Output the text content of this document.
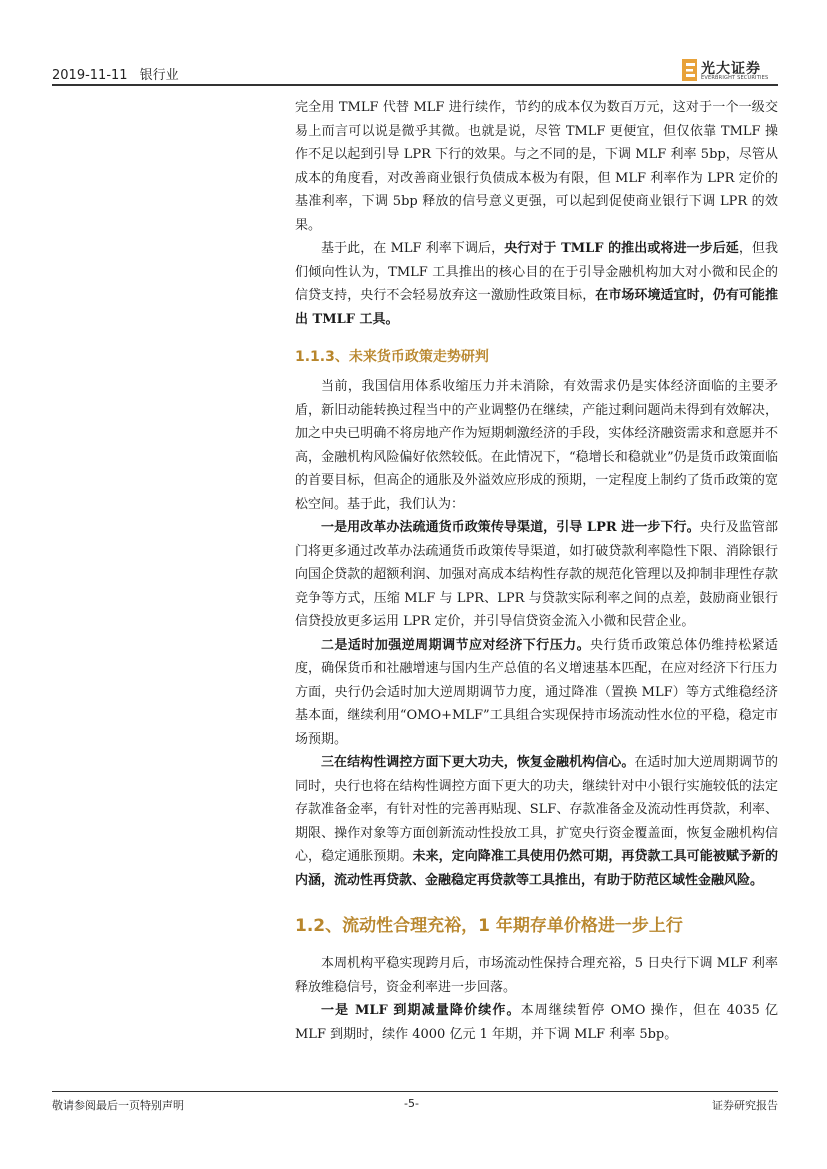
2019-11-11 银行业	光大证券
EVERBRIGHT SECURITIES

完全用 TMLF 代替 MLF 进行续作，节约的成本仅为数百万元，这对于一个一级交易上而言可以说是微乎其微。也就是说，尽管 TMLF 更便宜，但仅依靠 TMLF 操作不足以起到引导 LPR 下行的效果。与之不同的是，下调 MLF 利率 5bp，尽管从成本的角度看，对改善商业银行负债成本极为有限，但 MLF 利率作为 LPR 定价的基准利率，下调 5bp 释放的信号意义更强，可以起到促使商业银行下调 LPR 的效果。

基于此，在 MLF 利率下调后，央行对于 TMLF 的推出或将进一步后延，但我们倾向性认为，TMLF 工具推出的核心目的在于引导金融机构加大对小微和民企的信贷支持，央行不会轻易放弃这一激励性政策目标，在市场环境适宜时，仍有可能推出 TMLF 工具。

1.1.3、未来货币政策走势研判

当前，我国信用体系收缩压力并未消除，有效需求仍是实体经济面临的主要矛盾，新旧动能转换过程当中的产业调整仍在继续，产能过剩问题尚未得到有效解决，加之中央已明确不将房地产作为短期刺激经济的手段，实体经济融资需求和意愿并不高，金融机构风险偏好依然较低。在此情况下，“稳增长和稳就业”仍是货币政策面临的首要目标，但高企的通胀及外溢效应形成的预期，一定程度上制约了货币政策的宽松空间。基于此，我们认为：

一是用改革办法疏通货币政策传导渠道，引导 LPR 进一步下行。央行及监管部门将更多通过改革办法疏通货币政策传导渠道，如打破贷款利率隐性下限、消除银行向国企贷款的超额利润、加强对高成本结构性存款的规范化管理以及抑制非理性存款竞争等方式，压缩 MLF 与 LPR、LPR 与贷款实际利率之间的点差，鼓励商业银行信贷投放更多运用 LPR 定价，并引导信贷资金流入小微和民营企业。

二是适时加强逆周期调节应对经济下行压力。央行货币政策总体仍维持松紧适度，确保货币和社融增速与国内生产总值的名义增速基本匹配，在应对经济下行压力方面，央行仍会适时加大逆周期调节力度，通过降准（置换 MLF）等方式维稳经济基本面，继续利用“OMO+MLF”工具组合实现保持市场流动性水位的平稳，稳定市场预期。

三在结构性调控方面下更大功夫，恢复金融机构信心。在适时加大逆周期调节的同时，央行也将在结构性调控方面下更大的功夫，继续针对中小银行实施较低的法定存款准备金率，有针对性的完善再贴现、SLF、存款准备金及流动性再贷款，利率、期限、操作对象等方面创新流动性投放工具，扩宽央行资金覆盖面，恢复金融机构信心，稳定通胀预期。未来，定向降准工具使用仍然可期，再贷款工具可能被赋予新的内涵，流动性再贷款、金融稳定再贷款等工具推出，有助于防范区域性金融风险。

1.2、流动性合理充裕，1 年期存单价格进一步上行

本周机构平稳实现跨月后，市场流动性保持合理充裕，5 日央行下调 MLF 利率释放维稳信号，资金利率进一步回落。

一是 MLF 到期减量降价续作。本周继续暂停 OMO 操作，但在 4035 亿 MLF 到期时，续作 4000 亿元 1 年期，并下调 MLF 利率 5bp。

敬请参阅最后一页特别声明	-5-	证券研究报告
